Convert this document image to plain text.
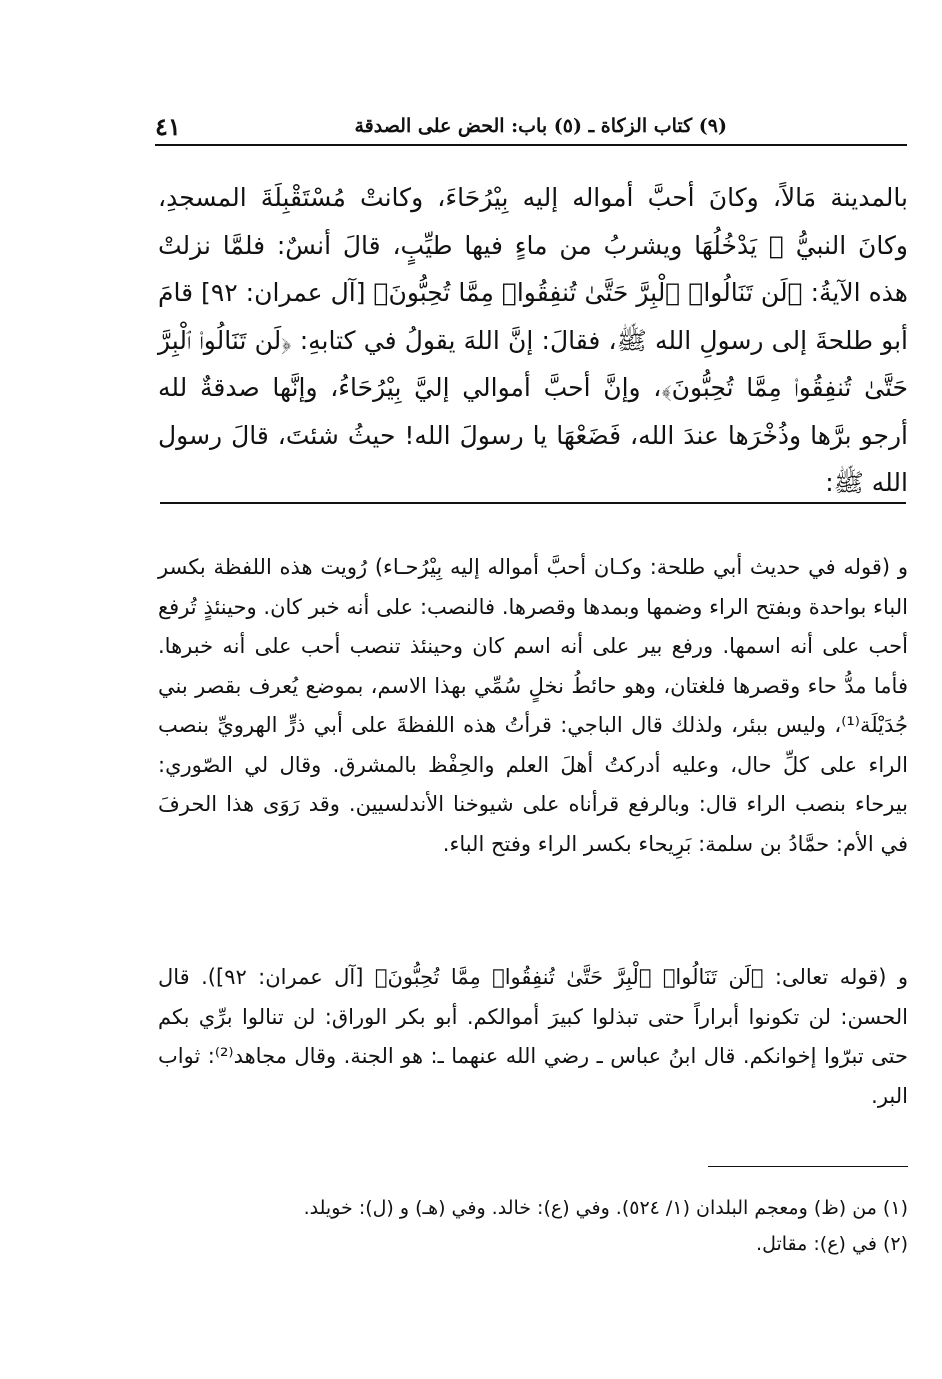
(٩) كتاب الزكاة ـ (٥) باب: الحض على الصدقة
٤١

بالمدينة مَالاً، وكانَ أحبَّ أمواله إليه بِيْرُحَاءَ، وكانتْ مُسْتَقْبِلَةَ المسجدِ، وكانَ النبيُّ ﷺ يَدْخُلُهَا ويشربُ من ماءٍ فيها طيِّبٍ، قالَ أنسٌ: فلمَّا نزلتْ هذه الآيةُ: ﴿لَن تَنَالُوا۟ ٱلْبِرَّ حَتَّىٰ تُنفِقُوا۟ مِمَّا تُحِبُّونَ﴾ [آل عمران: ٩٢] قامَ أبو طلحةَ إلى رسولِ الله ﷺ، فقالَ: إنَّ اللهَ يقولُ في كتابهِ: ﴿لَن تَنَالُوا۟ ٱلْبِرَّ حَتَّىٰ تُنفِقُوا۟ مِمَّا تُحِبُّونَ﴾، وإنَّ أحبَّ أموالي إليَّ بِيْرُحَاءُ، وإنَّها صدقةٌ لله أرجو برَّها وذُخْرَها عندَ الله، فَضَعْهَا يا رسولَ الله! حيثُ شئتَ، قالَ رسول الله ﷺ:

و (قوله في حديث أبي طلحة: وكـان أحبَّ أمواله إليه بِيْرُحـاء) رُويت هذه اللفظة بكسر الباء بواحدة وبفتح الراء وضمها وبمدها وقصرها. فالنصب: على أنه خبر كان. وحينئذٍ تُرفع أحب على أنه اسمها. ورفع بير على أنه اسم كان وحينئذ تنصب أحب على أنه خبرها. فأما مدُّ حاء وقصرها فلغتان، وهو حائطُ نخلٍ سُمِّي بهذا الاسم، بموضع يُعرف بقصر بني جُدَيْلَة⁽¹⁾، وليس ببئر، ولذلك قال الباجي: قرأتُ هذه اللفظةَ على أبي ذرٍّ الهرويِّ بنصب الراء على كلِّ حال، وعليه أدركتُ أهلَ العلم والحِفْظ بالمشرق. وقال لي الصّوري: بيرحاء بنصب الراء قال: وبالرفع قرأناه على شيوخنا الأندلسيين. وقد رَوَى هذا الحرفَ في الأم: حمَّادُ بن سلمة: بَرِيحاء بكسر الراء وفتح الباء.

و (قوله تعالى: ﴿لَن تَنَالُوا۟ ٱلْبِرَّ حَتَّىٰ تُنفِقُوا۟ مِمَّا تُحِبُّونَ﴾ [آل عمران: ٩٢]). قال الحسن: لن تكونوا أبراراً حتى تبذلوا كبيرَ أموالكم. أبو بكر الوراق: لن تنالوا برِّي بكم حتى تبرّوا إخوانكم. قال ابنُ عباس ـ رضي الله عنهما ـ: هو الجنة. وقال مجاهد⁽²⁾: ثواب البر.

(١) من (ظ) ومعجم البلدان (١/ ٥٢٤). وفي (ع): خالد. وفي (هـ) و (ل): خويلد.

(٢) في (ع): مقاتل.
